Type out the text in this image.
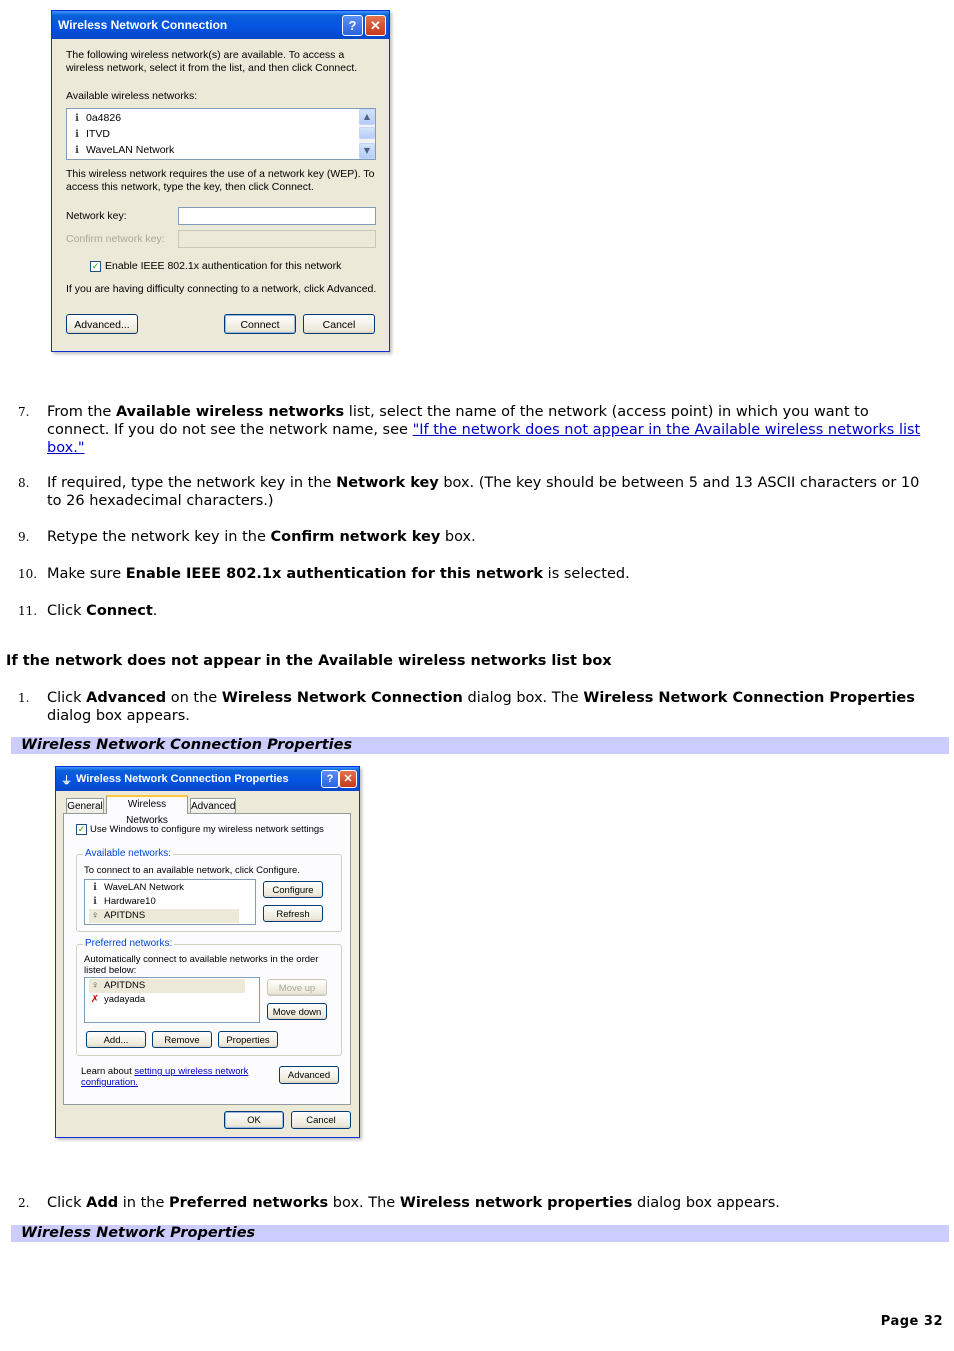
Wireless Network Connection	?	✕
The following wireless network(s) are available. To access a wireless network, select it from the list, and then click Connect.
Available wireless networks:
ℹ 0a4826
ℹ ITVD
ℹ WaveLAN Network
▲
▼
This wireless network requires the use of a network key (WEP). To access this network, type the key, then click Connect.
Network key:
Confirm network key:
✓ Enable IEEE 802.1x authentication for this network
If you are having difficulty connecting to a network, click Advanced.
Advanced...	Connect	Cancel
7. From the Available wireless networks list, select the name of the network (access point) in which you want to connect. If you do not see the network name, see "If the network does not appear in the Available wireless networks list box."
8. If required, type the network key in the Network key box. (The key should be between 5 and 13 ASCII characters or 10 to 26 hexadecimal characters.)
9. Retype the network key in the Confirm network key box.
10. Make sure Enable IEEE 802.1x authentication for this network is selected.
11. Click Connect.
If the network does not appear in the Available wireless networks list box
1. Click Advanced on the Wireless Network Connection dialog box. The Wireless Network Connection Properties dialog box appears.
Wireless Network Connection Properties
⏚ Wireless Network Connection Properties	? ✕
General	Wireless Networks
Advanced
✓ Use Windows to configure my wireless network settings
Available networks:
To connect to an available network, click Configure.
ℹ WaveLAN Network
ℹ Hardware10
♀ APITDNS
Configure
Refresh
Preferred networks:
Automatically connect to available networks in the order listed below:
♀ APITDNS
✗ yadayada
Move up
Move down
Add...	Remove	Properties
Learn about setting up wireless network configuration.
Advanced
OK	Cancel
2. Click Add in the Preferred networks box. The Wireless network properties dialog box appears.
Wireless Network Properties
Page 32
